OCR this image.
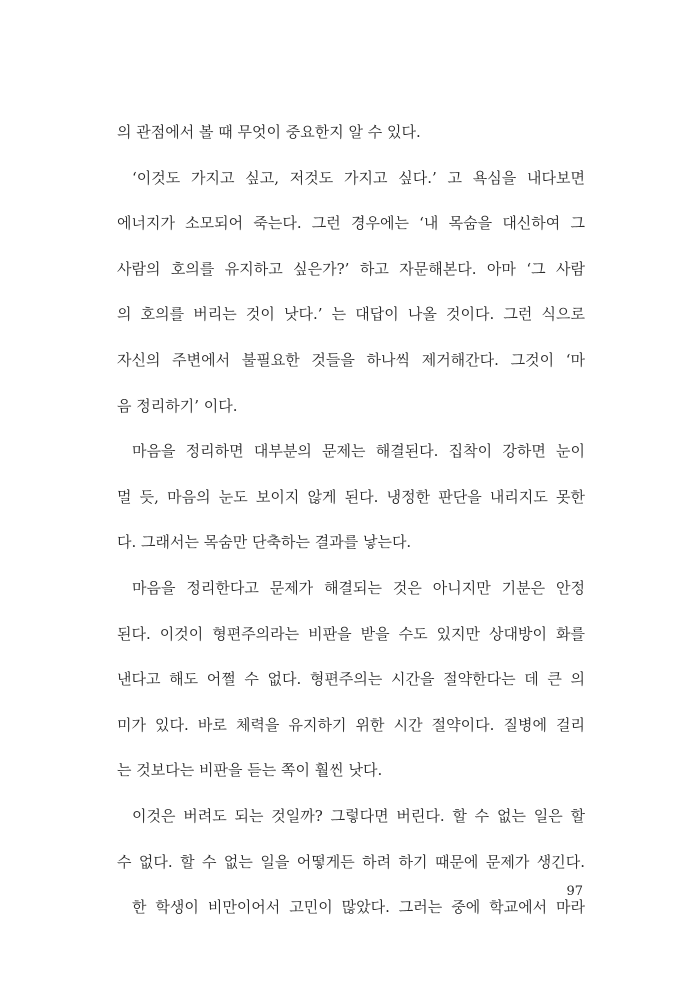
의 관점에서 볼 때 무엇이 중요한지 알 수 있다.
‘이것도 가지고 싶고, 저것도 가지고 싶다.’ 고 욕심을 내다보면
에너지가 소모되어 죽는다. 그런 경우에는 ‘내 목숨을 대신하여 그
사람의 호의를 유지하고 싶은가?’ 하고 자문해본다. 아마 ‘그 사람
의 호의를 버리는 것이 낫다.’ 는 대답이 나올 것이다. 그런 식으로
자신의 주변에서 불필요한 것들을 하나씩 제거해간다. 그것이 ‘마
음 정리하기’ 이다.
마음을 정리하면 대부분의 문제는 해결된다. 집착이 강하면 눈이
멀 듯, 마음의 눈도 보이지 않게 된다. 냉정한 판단을 내리지도 못한
다. 그래서는 목숨만 단축하는 결과를 낳는다.
마음을 정리한다고 문제가 해결되는 것은 아니지만 기분은 안정
된다. 이것이 형편주의라는 비판을 받을 수도 있지만 상대방이 화를
낸다고 해도 어쩔 수 없다. 형편주의는 시간을 절약한다는 데 큰 의
미가 있다. 바로 체력을 유지하기 위한 시간 절약이다. 질병에 걸리
는 것보다는 비판을 듣는 쪽이 훨씬 낫다.
이것은 버려도 되는 것일까? 그렇다면 버린다. 할 수 없는 일은 할
수 없다. 할 수 없는 일을 어떻게든 하려 하기 때문에 문제가 생긴다.
한 학생이 비만이어서 고민이 많았다. 그러는 중에 학교에서 마라
97
